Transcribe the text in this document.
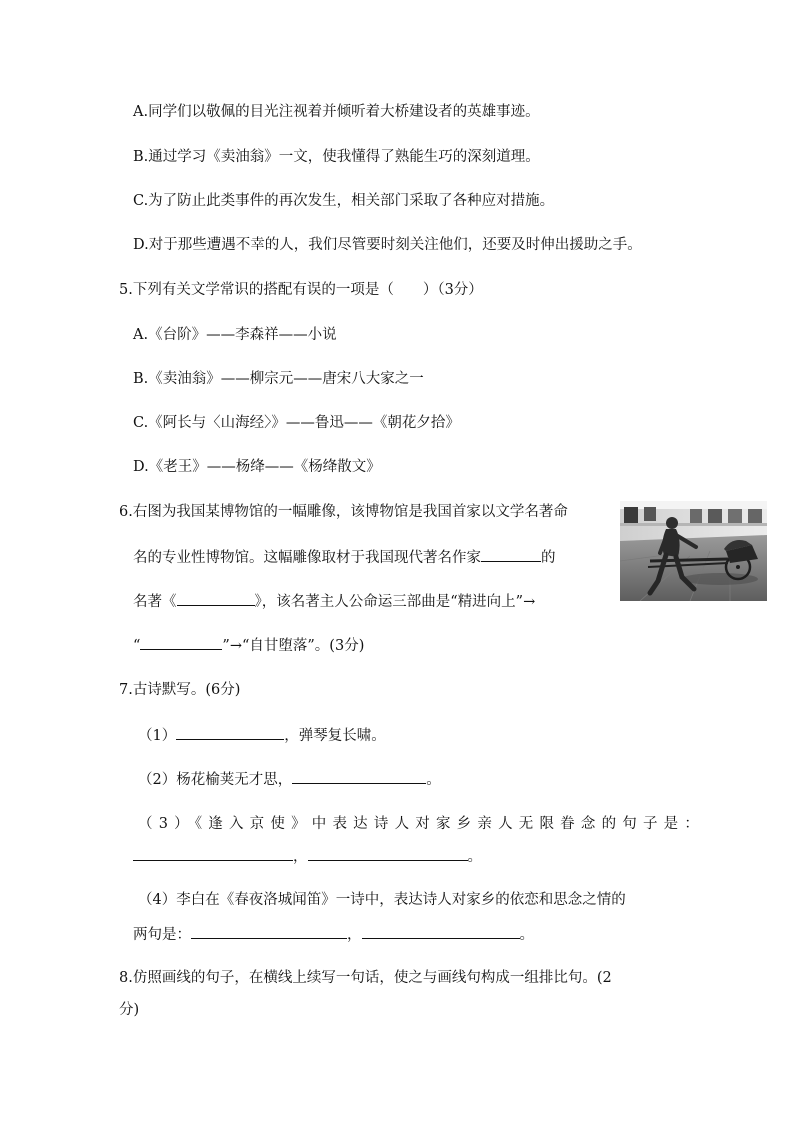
A.同学们以敬佩的目光注视着并倾听着大桥建设者的英雄事迹。
B.通过学习《卖油翁》一文，使我懂得了熟能生巧的深刻道理。
C.为了防止此类事件的再次发生，相关部门采取了各种应对措施。
D.对于那些遭遇不幸的人，我们尽管要时刻关注他们，还要及时伸出援助之手。
5.下列有关文学常识的搭配有误的一项是（　　）（3分）
A.《台阶》——李森祥——小说
B.《卖油翁》——柳宗元——唐宋八大家之一
C.《阿长与〈山海经〉》——鲁迅——《朝花夕拾》
D.《老王》——杨绛——《杨绛散文》
6.右图为我国某博物馆的一幅雕像，该博物馆是我国首家以文学名著命
名的专业性博物馆。这幅雕像取材于我国现代著名作家	的
名著《	》，该名著主人公命运三部曲是“精进向上”→
“	”→“自甘堕落”。(3分)
7.古诗默写。(6分)
（1）	，弹琴复长啸。
（2）杨花榆荚无才思，	。
（3）《逢入京使》中表达诗人对家乡亲人无限眷念的句子是：
，	。
（4）李白在《春夜洛城闻笛》一诗中，表达诗人对家乡的依恋和思念之情的
两句是：	，	。
8.仿照画线的句子，在横线上续写一句话，使之与画线句构成一组排比句。(2
分)
